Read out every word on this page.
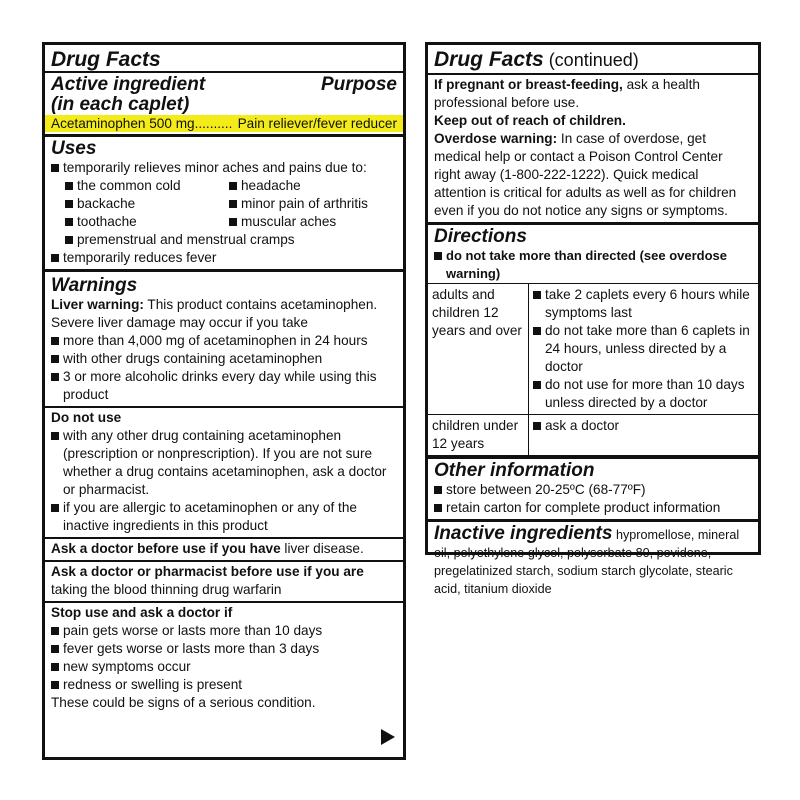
Drug Facts
Active ingredient
(in each caplet)
Purpose
Acetaminophen 500 mg.......... Pain reliever/fever reducer
Uses
temporarily relieves minor aches and pains due to:
the common cold	headache
backache	minor pain of arthritis
toothache	muscular aches
premenstrual and menstrual cramps
temporarily reduces fever
Warnings
Liver warning: This product contains acetaminophen. Severe liver damage may occur if you take
more than 4,000 mg of acetaminophen in 24 hours
with other drugs containing acetaminophen
3 or more alcoholic drinks every day while using this product
Do not use
with any other drug containing acetaminophen (prescription or nonprescription). If you are not sure whether a drug contains acetaminophen, ask a doctor or pharmacist.
if you are allergic to acetaminophen or any of the inactive ingredients in this product
Ask a doctor before use if you have liver disease.
Ask a doctor or pharmacist before use if you are taking the blood thinning drug warfarin
Stop use and ask a doctor if
pain gets worse or lasts more than 10 days
fever gets worse or lasts more than 3 days
new symptoms occur
redness or swelling is present
These could be signs of a serious condition.
Drug Facts (continued)
If pregnant or breast-feeding, ask a health professional before use.
Keep out of reach of children.
Overdose warning: In case of overdose, get medical help or contact a Poison Control Center right away (1-800-222-1222). Quick medical attention is critical for adults as well as for children even if you do not notice any signs or symptoms.
Directions
do not take more than directed (see overdose warning)
adults and children 12 years and over	take 2 caplets every 6 hours while symptoms last
do not take more than 6 caplets in 24 hours, unless directed by a doctor
do not use for more than 10 days unless directed by a doctor

children under 12 years	ask a doctor
Other information
store between 20-25ºC (68-77ºF)
retain carton for complete product information
Inactive ingredients hypromellose, mineral oil, polyethylene glycol, polysorbate 80, povidone, pregelatinized starch, sodium starch glycolate, stearic acid, titanium dioxide
